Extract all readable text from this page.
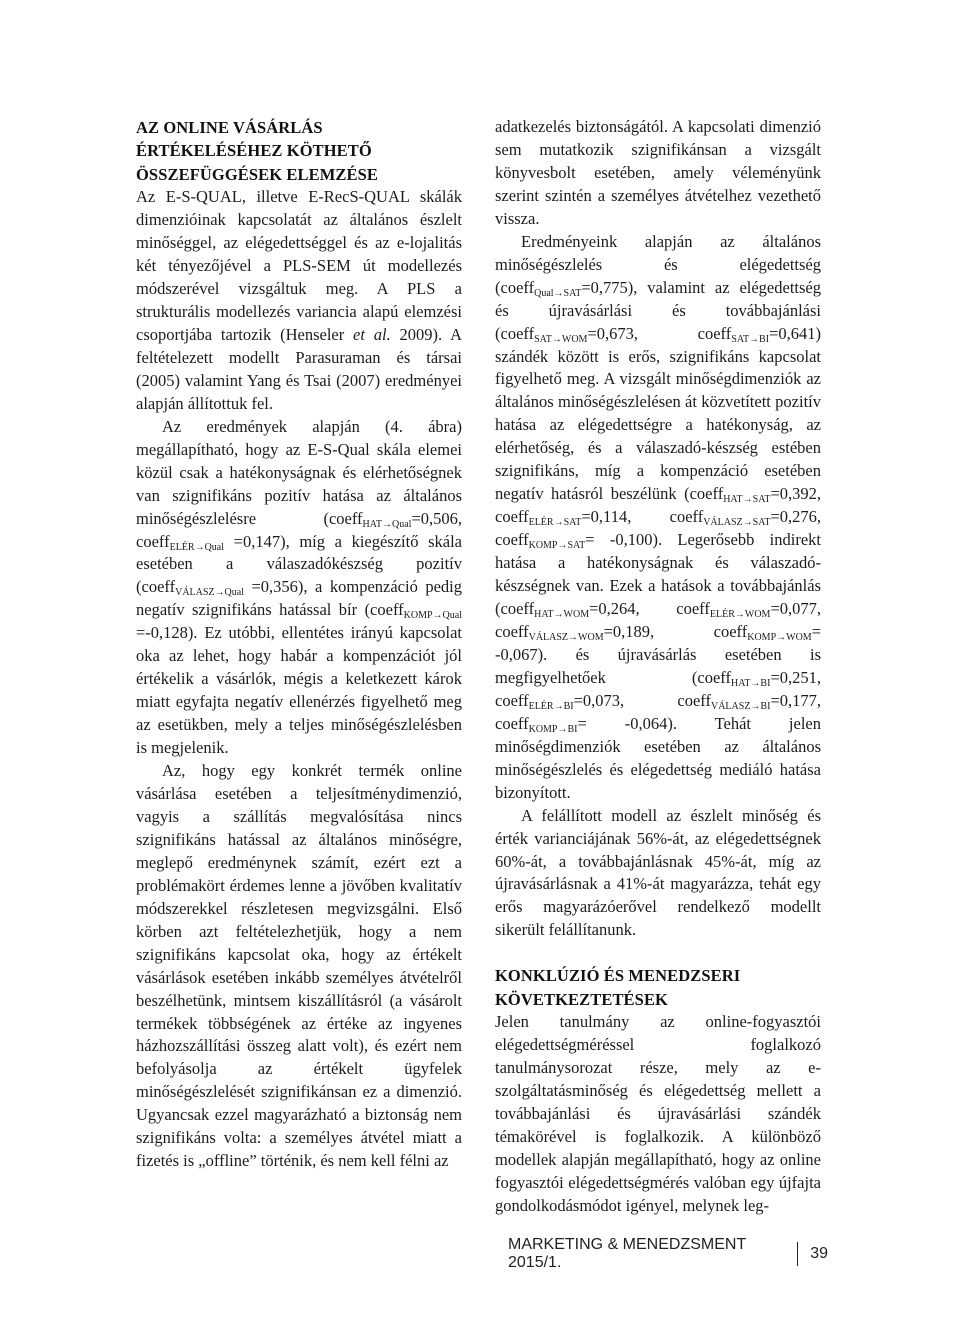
AZ ONLINE VÁSÁRLÁS ÉRTÉKELÉSÉHEZ KÖTHETŐ ÖSSZEFÜGGÉSEK ELEMZÉSE

Az E-S-QUAL, illetve E-RecS-QUAL skálák dimenzióinak kapcsolatát az általános észlelt minőséggel, az elégedettséggel és az e-lojalitás két tényezőjével a PLS-SEM út modellezés módszerével vizsgáltuk meg. A PLS a strukturális modellezés variancia alapú elemzési csoportjába tartozik (Henseler et al. 2009). A feltételezett modellt Parasuraman és társai (2005) valamint Yang és Tsai (2007) eredményei alapján állítottuk fel.

Az eredmények alapján (4. ábra) megállapítható, hogy az E-S-Qual skála elemei közül csak a hatékonyságnak és elérhetőségnek van szignifikáns pozitív hatása az általános minőségészlelésre (coeff$_{HAT\to Qual}$=0,506, coeff$_{ELÉR\to Qual}$ =0,147), míg a kiegészítő skála esetében a válaszadókészség pozitív (coeff$_{VÁLASZ\to Qual}$ =0,356), a kompenzáció pedig negatív szignifikáns hatással bír (coeff$_{KOMP\to Qual}$ =-0,128). Ez utóbbi, ellentétes irányú kapcsolat oka az lehet, hogy habár a kompenzációt jól értékelik a vásárlók, mégis a keletkezett károk miatt egyfajta negatív ellenérzés figyelhető meg az esetükben, mely a teljes minőségészlelésben is megjelenik.

Az, hogy egy konkrét termék online vásárlása esetében a teljesítménydimenzió, vagyis a szállítás megvalósítása nincs szignifikáns hatással az általános minőségre, meglepő eredménynek számít, ezért ezt a problémakört érdemes lenne a jövőben kvalitatív módszerekkel részletesen megvizsgálni. Első körben azt feltételezhetjük, hogy a nem szignifikáns kapcsolat oka, hogy az értékelt vásárlások esetében inkább személyes átvételről beszélhetünk, mintsem kiszállításról (a vásárolt termékek többségének az értéke az ingyenes házhozszállítási összeg alatt volt), és ezért nem befolyásolja az értékelt ügyfelek minőségészlelését szignifikánsan ez a dimenzió. Ugyancsak ezzel magyarázható a biztonság nem szignifikáns volta: a személyes átvétel miatt a fizetés is „offline” történik, és nem kell félni az

adatkezelés biztonságától. A kapcsolati dimenzió sem mutatkozik szignifikánsan a vizsgált könyvesbolt esetében, amely véleményünk szerint szintén a személyes átvételhez vezethető vissza.

Eredményeink alapján az általános minőségészlelés és elégedettség (coeff$_{Qual\to SAT}$=0,775), valamint az elégedettség és újravásárlási és továbbajánlási (coeff$_{SAT\to WOM}$=0,673, coeff$_{SAT\to BI}$=0,641) szándék között is erős, szignifikáns kapcsolat figyelhető meg. A vizsgált minőségdimenziók az általános minőségészlelésen át közvetített pozitív hatása az elégedettségre a hatékonyság, az elérhetőség, és a válaszadó-készség estében szignifikáns, míg a kompenzáció esetében negatív hatásról beszélünk (coeff$_{HAT\to SAT}$=0,392, coeff$_{ELÉR\to SAT}$=0,114, coeff$_{VÁLASZ\to SAT}$=0,276, coeff$_{KOMP\to SAT}$= -0,100). Legerősebb indirekt hatása a hatékonyságnak és válaszadó-készségnek van. Ezek a hatások a továbbajánlás (coeff$_{HAT\to WOM}$=0,264, coeff$_{ELÉR\to WOM}$=0,077, coeff$_{VÁLASZ\to WOM}$=0,189, coeff$_{KOMP\to WOM}$= -0,067). és újravásárlás esetében is megfigyelhetőek (coeff$_{HAT\to BI}$=0,251, coeff$_{ELÉR\to BI}$=0,073, coeff$_{VÁLASZ\to BI}$=0,177, coeff$_{KOMP\to BI}$= -0,064). Tehát jelen minőségdimenziók esetében az általános minőségészlelés és elégedettség mediáló hatása bizonyított.

A felállított modell az észlelt minőség és érték varianciájának 56%-át, az elégedettségnek 60%-át, a továbbajánlásnak 45%-át, míg az újravásárlásnak a 41%-át magyarázza, tehát egy erős magyarázóerővel rendelkező modellt sikerült felállítanunk.

KONKLÚZIÓ ÉS MENEDZSERI KÖVETKEZTETÉSEK

Jelen tanulmány az online-fogyasztói elégedettségméréssel foglalkozó tanulmánysorozat része, mely az e-szolgáltatásminőség és elégedettség mellett a továbbajánlási és újravásárlási szándék témakörével is foglalkozik. A különböző modellek alapján megállapítható, hogy az online fogyasztói elégedettségmérés valóban egy újfajta gondolkodásmódot igényel, melynek leg-

MARKETING & MENEDZSMENT 2015/1.
39
